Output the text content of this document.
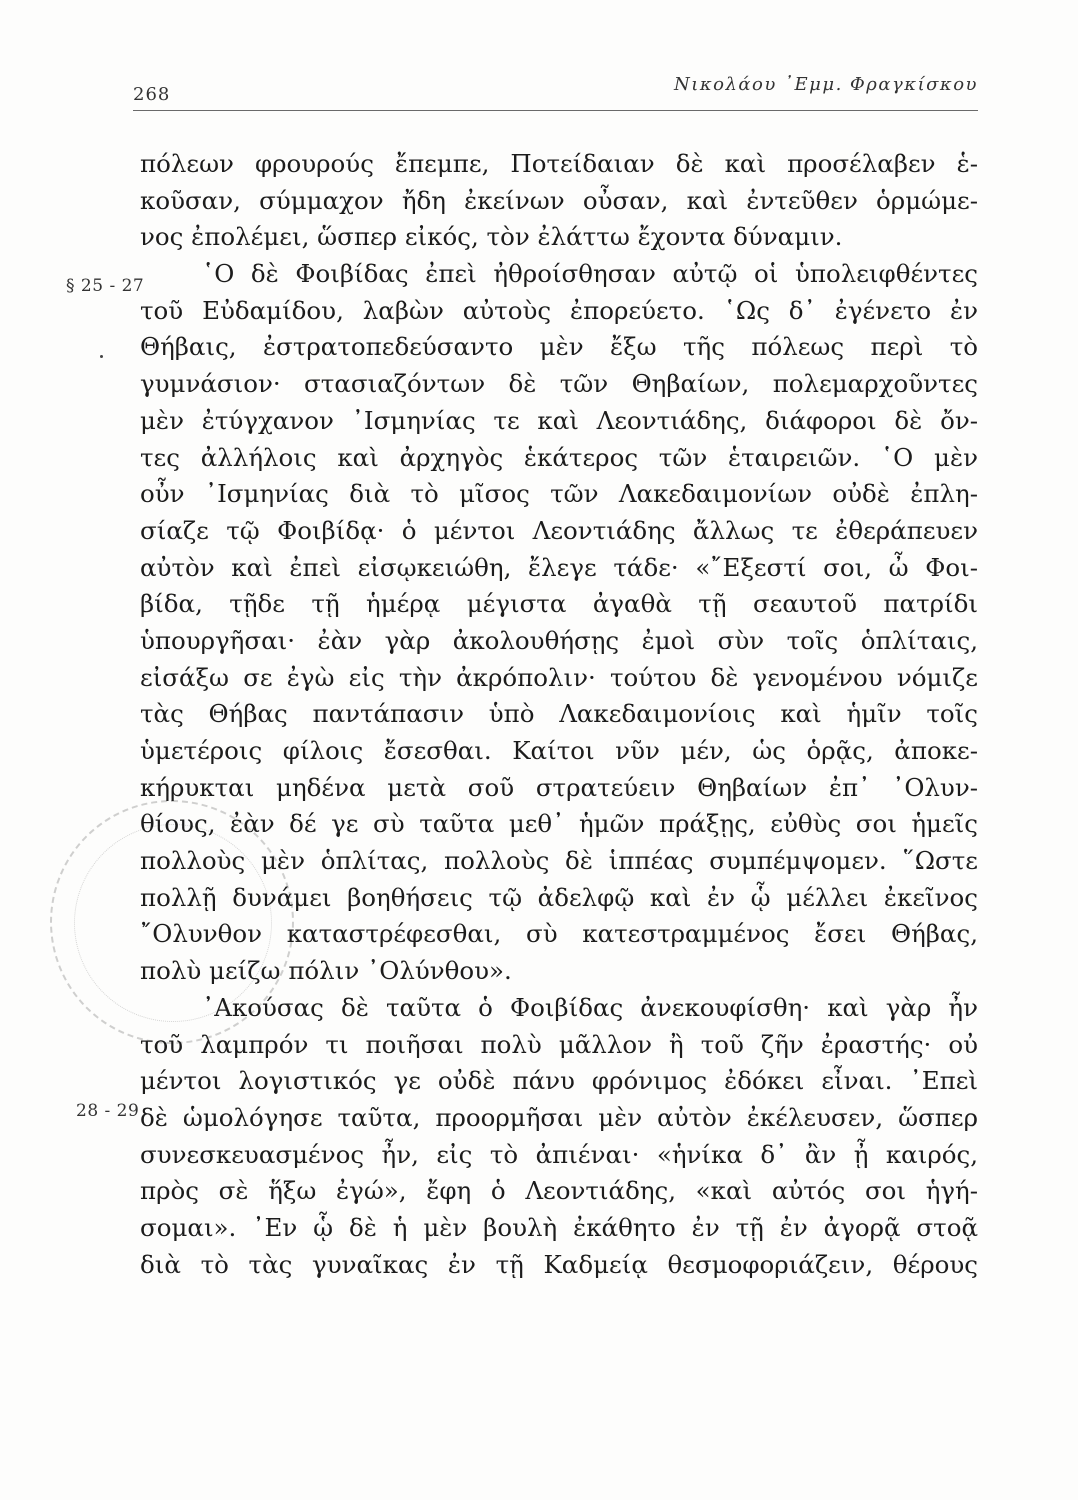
268	Νικολάου ᾿Εμμ. Φραγκίσκου
§ 25 - 27
28 - 29
πόλεων φρουρούς ἔπεμπε, Ποτείδαιαν δὲ καὶ προσέλαβεν ἑ-
κοῦσαν, σύμμαχον ἤδη ἐκείνων οὖσαν, καὶ ἐντεῦθεν ὁρμώμε-
νος ἐπολέμει, ὥσπερ εἰκός, τὸν ἐλάττω ἔχοντα δύναμιν.
῾Ο δὲ Φοιβίδας ἐπεὶ ἠθροίσθησαν αὐτῷ οἱ ὑπολειφθέντες
τοῦ Εὐδαμίδου, λαβὼν αὐτοὺς ἐπορεύετο. ῾Ως δ᾿ ἐγένετο ἐν
Θήβαις, ἐστρατοπεδεύσαντο μὲν ἔξω τῆς πόλεως περὶ τὸ
γυμνάσιον· στασιαζόντων δὲ τῶν Θηβαίων, πολεμαρχοῦντες
μὲν ἐτύγχανον ᾿Ισμηνίας τε καὶ Λεοντιάδης, διάφοροι δὲ ὄν-
τες ἀλλήλοις καὶ ἀρχηγὸς ἑκάτερος τῶν ἑταιρειῶν. ῾Ο μὲν
οὖν ᾿Ισμηνίας διὰ τὸ μῖσος τῶν Λακεδαιμονίων οὐδὲ ἐπλη-
σίαζε τῷ Φοιβίδᾳ· ὁ μέντοι Λεοντιάδης ἄλλως τε ἐθεράπευεν
αὐτὸν καὶ ἐπεὶ εἰσῳκειώθη, ἔλεγε τάδε· «῎Εξεστί σοι, ὦ Φοι-
βίδα, τῇδε τῇ ἡμέρᾳ μέγιστα ἀγαθὰ τῇ σεαυτοῦ πατρίδι
ὑπουργῆσαι· ἐὰν γὰρ ἀκολουθήσῃς ἐμοὶ σὺν τοῖς ὁπλίταις,
εἰσάξω σε ἐγὼ εἰς τὴν ἀκρόπολιν· τούτου δὲ γενομένου νόμιζε
τὰς Θήβας παντάπασιν ὑπὸ Λακεδαιμονίοις καὶ ἡμῖν τοῖς
ὑμετέροις φίλοις ἔσεσθαι. Καίτοι νῦν μέν, ὡς ὁρᾷς, ἀποκε-
κήρυκται μηδένα μετὰ σοῦ στρατεύειν Θηβαίων ἐπ᾿ ᾿Ολυν-
θίους, ἐὰν δέ γε σὺ ταῦτα μεθ᾿ ἡμῶν πράξῃς, εὐθὺς σοι ἡμεῖς
πολλοὺς μὲν ὁπλίτας, πολλοὺς δὲ ἱππέας συμπέμψομεν. ῞Ωστε
πολλῇ δυνάμει βοηθήσεις τῷ ἀδελφῷ καὶ ἐν ᾧ μέλλει ἐκεῖνος
῎Ολυνθον καταστρέφεσθαι, σὺ κατεστραμμένος ἔσει Θήβας,
πολὺ μείζω πόλιν ᾿Ολύνθου».
᾿Ακούσας δὲ ταῦτα ὁ Φοιβίδας ἀνεκουφίσθη· καὶ γὰρ ἦν
τοῦ λαμπρόν τι ποιῆσαι πολὺ μᾶλλον ἢ τοῦ ζῆν ἐραστής· οὐ
μέντοι λογιστικός γε οὐδὲ πάνυ φρόνιμος ἐδόκει εἶναι. ᾿Επεὶ
δὲ ὡμολόγησε ταῦτα, προορμῆσαι μὲν αὐτὸν ἐκέλευσεν, ὥσπερ
συνεσκευασμένος ἦν, εἰς τὸ ἀπιέναι· «ἡνίκα δ᾿ ἂν ᾖ καιρός,
πρὸς σὲ ἥξω ἐγώ», ἔφη ὁ Λεοντιάδης, «καὶ αὐτός σοι ἡγή-
σομαι». ᾿Εν ᾧ δὲ ἡ μὲν βουλὴ ἐκάθητο ἐν τῇ ἐν ἀγορᾷ στοᾷ
διὰ τὸ τὰς γυναῖκας ἐν τῇ Καδμείᾳ θεσμοφοριάζειν, θέρους
